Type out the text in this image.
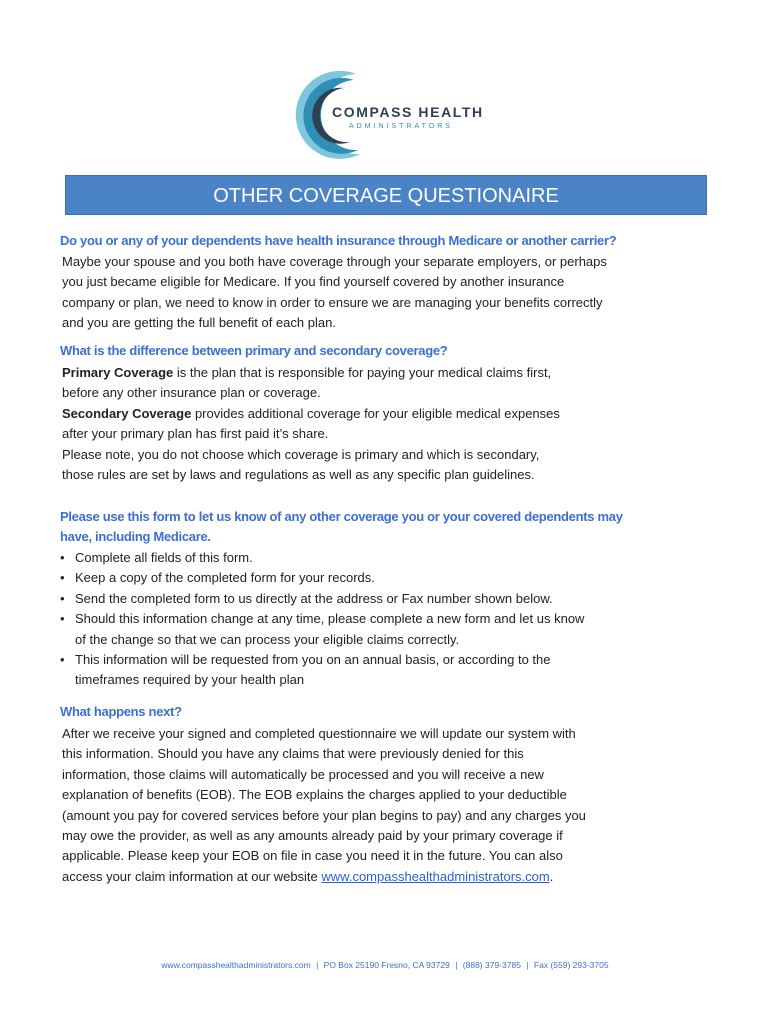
COMPASS HEALTH
ADMINISTRATORS
OTHER COVERAGE QUESTIONAIRE
Do you or any of your dependents have health insurance through Medicare or another carrier?
Maybe your spouse and you both have coverage through your separate employers, or perhaps
you just became eligible for Medicare. If you find yourself covered by another insurance
company or plan, we need to know in order to ensure we are managing your benefits correctly
and you are getting the full benefit of each plan.
What is the difference between primary and secondary coverage?
Primary Coverage is the plan that is responsible for paying your medical claims first,
before any other insurance plan or coverage.
Secondary Coverage provides additional coverage for your eligible medical expenses
after your primary plan has first paid it’s share.
Please note, you do not choose which coverage is primary and which is secondary,
those rules are set by laws and regulations as well as any specific plan guidelines.
Please use this form to let us know of any other coverage you or your covered dependents may
have, including Medicare.
• Complete all fields of this form.
• Keep a copy of the completed form for your records.
• Send the completed form to us directly at the address or Fax number shown below.
• Should this information change at any time, please complete a new form and let us know
of the change so that we can process your eligible claims correctly.
• This information will be requested from you on an annual basis, or according to the
timeframes required by your health plan
What happens next?
After we receive your signed and completed questionnaire we will update our system with
this information. Should you have any claims that were previously denied for this
information, those claims will automatically be processed and you will receive a new
explanation of benefits (EOB). The EOB explains the charges applied to your deductible
(amount you pay for covered services before your plan begins to pay) and any charges you
may owe the provider, as well as any amounts already paid by your primary coverage if
applicable. Please keep your EOB on file in case you need it in the future. You can also
access your claim information at our website www.compasshealthadministrators.com.
www.compasshealthadministrators.com | PO Box 25190 Fresno, CA 93729 | (888) 379-3785 | Fax (559) 293-3705
